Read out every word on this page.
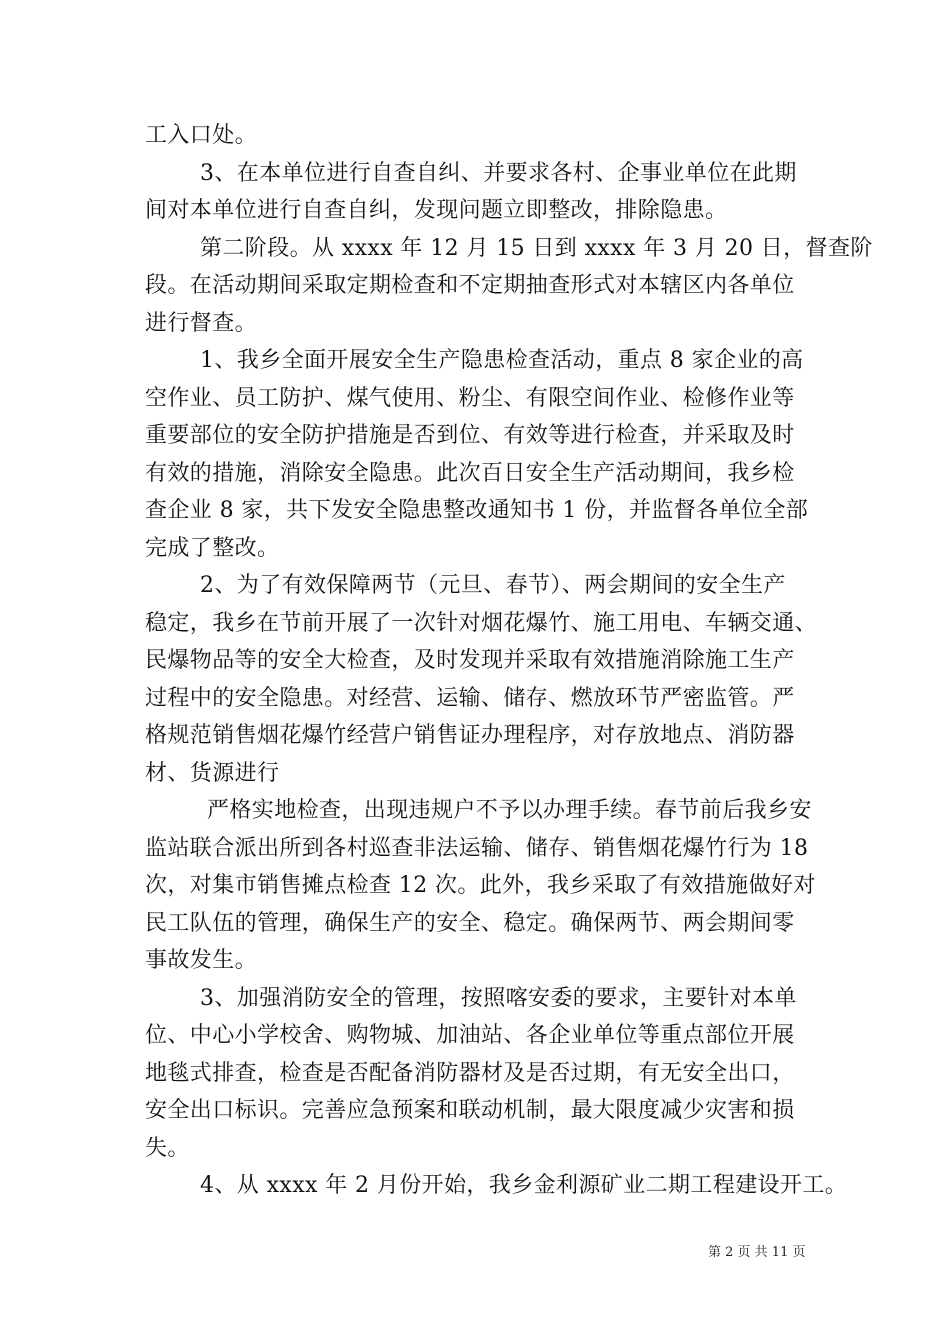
工入口处。
3、在本单位进行自查自纠、并要求各村、企事业单位在此期
间对本单位进行自查自纠，发现问题立即整改，排除隐患。
第二阶段。从 xxxx 年 12 月 15 日到 xxxx 年 3 月 20 日，督查阶
段。在活动期间采取定期检查和不定期抽查形式对本辖区内各单位
进行督查。
1、我乡全面开展安全生产隐患检查活动，重点 8 家企业的高
空作业、员工防护、煤气使用、粉尘、有限空间作业、检修作业等
重要部位的安全防护措施是否到位、有效等进行检查，并采取及时
有效的措施，消除安全隐患。此次百日安全生产活动期间，我乡检
查企业 8 家，共下发安全隐患整改通知书 1 份，并监督各单位全部
完成了整改。
2、为了有效保障两节（元旦、春节）、两会期间的安全生产
稳定，我乡在节前开展了一次针对烟花爆竹、施工用电、车辆交通、
民爆物品等的安全大检查，及时发现并采取有效措施消除施工生产
过程中的安全隐患。对经营、运输、储存、燃放环节严密监管。严
格规范销售烟花爆竹经营户销售证办理程序，对存放地点、消防器
材、货源进行
严格实地检查，出现违规户不予以办理手续。春节前后我乡安
监站联合派出所到各村巡查非法运输、储存、销售烟花爆竹行为 18
次，对集市销售摊点检查 12 次。此外，我乡采取了有效措施做好对
民工队伍的管理，确保生产的安全、稳定。确保两节、两会期间零
事故发生。
3、加强消防安全的管理，按照喀安委的要求，主要针对本单
位、中心小学校舍、购物城、加油站、各企业单位等重点部位开展
地毯式排查，检查是否配备消防器材及是否过期，有无安全出口，
安全出口标识。完善应急预案和联动机制，最大限度减少灾害和损
失。
4、从 xxxx 年 2 月份开始，我乡金利源矿业二期工程建设开工。
第 2 页 共 11 页
